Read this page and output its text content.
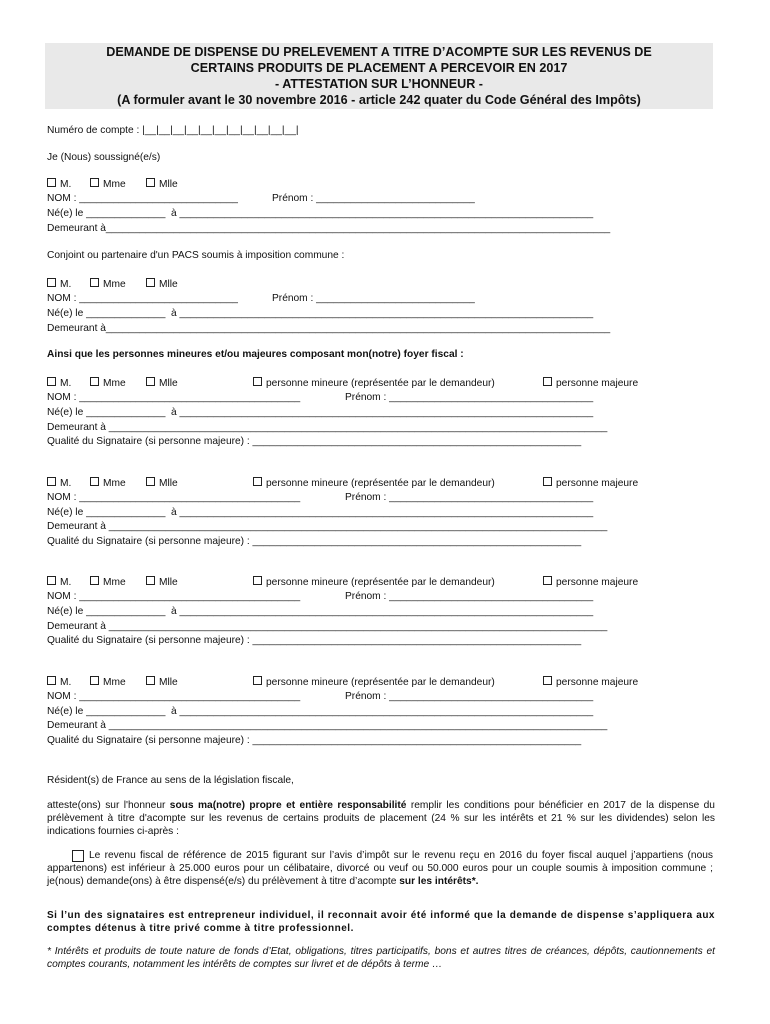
DEMANDE DE DISPENSE DU PRELEVEMENT A TITRE D’ACOMPTE SUR LES REVENUS DE
CERTAINS PRODUITS DE PLACEMENT A PERCEVOIR EN 2017
- ATTESTATION SUR L’HONNEUR -
(A formuler avant le 30 novembre 2016 - article 242 quater du Code Général des Impôts)
Numéro de compte : |__|__|__|__|__|__|__|__|__|__|__|
Je (Nous) soussigné(e/s)
M.	Mme	Mlle
NOM : ____________________________	Prénom : ____________________________
Né(e) le ______________  à _________________________________________________________________________
Demeurant à_________________________________________________________________________________________
Conjoint ou partenaire d'un PACS soumis à imposition commune :
M.	Mme	Mlle
NOM : ____________________________	Prénom : ____________________________
Né(e) le ______________  à _________________________________________________________________________
Demeurant à_________________________________________________________________________________________
Ainsi que les personnes mineures et/ou majeures composant mon(notre) foyer fiscal :
M.	Mme	Mlle	personne mineure (représentée par le demandeur)	personne majeure
NOM : _______________________________________	Prénom : ____________________________________
Né(e) le ______________  à _________________________________________________________________________
Demeurant à ________________________________________________________________________________________
Qualité du Signataire (si personne majeure) : __________________________________________________________
M.	Mme	Mlle	personne mineure (représentée par le demandeur)	personne majeure
NOM : _______________________________________	Prénom : ____________________________________
Né(e) le ______________  à _________________________________________________________________________
Demeurant à ________________________________________________________________________________________
Qualité du Signataire (si personne majeure) : __________________________________________________________
M.	Mme	Mlle	personne mineure (représentée par le demandeur)	personne majeure
NOM : _______________________________________	Prénom : ____________________________________
Né(e) le ______________  à _________________________________________________________________________
Demeurant à ________________________________________________________________________________________
Qualité du Signataire (si personne majeure) : __________________________________________________________
M.	Mme	Mlle	personne mineure (représentée par le demandeur)	personne majeure
NOM : _______________________________________	Prénom : ____________________________________
Né(e) le ______________  à _________________________________________________________________________
Demeurant à ________________________________________________________________________________________
Qualité du Signataire (si personne majeure) : __________________________________________________________
Résident(s) de France au sens de la législation fiscale,
atteste(ons) sur l'honneur sous ma(notre) propre et entière responsabilité remplir les conditions pour bénéficier en 2017 de la dispense du prélèvement à titre d'acompte sur les revenus de certains produits de placement (24 % sur les intérêts et 21 % sur les dividendes) selon les indications fournies ci-après :
Le revenu fiscal de référence de 2015 figurant sur l’avis d’impôt sur le revenu reçu en 2016 du foyer fiscal auquel j’appartiens (nous appartenons) est inférieur à 25.000 euros pour un célibataire, divorcé ou veuf ou 50.000 euros pour un couple soumis à imposition commune ; je(nous) demande(ons) à être dispensé(e/s) du prélèvement à titre d’acompte sur les intérêts*.
Si l’un des signataires est entrepreneur individuel, il reconnait avoir été informé que la demande de dispense s’appliquera aux comptes détenus à titre privé comme à titre professionnel.
* Intérêts et produits de toute nature de fonds d’Etat, obligations, titres participatifs, bons et autres titres de créances, dépôts, cautionnements et comptes courants, notamment les intérêts de comptes sur livret et de dépôts à terme …
